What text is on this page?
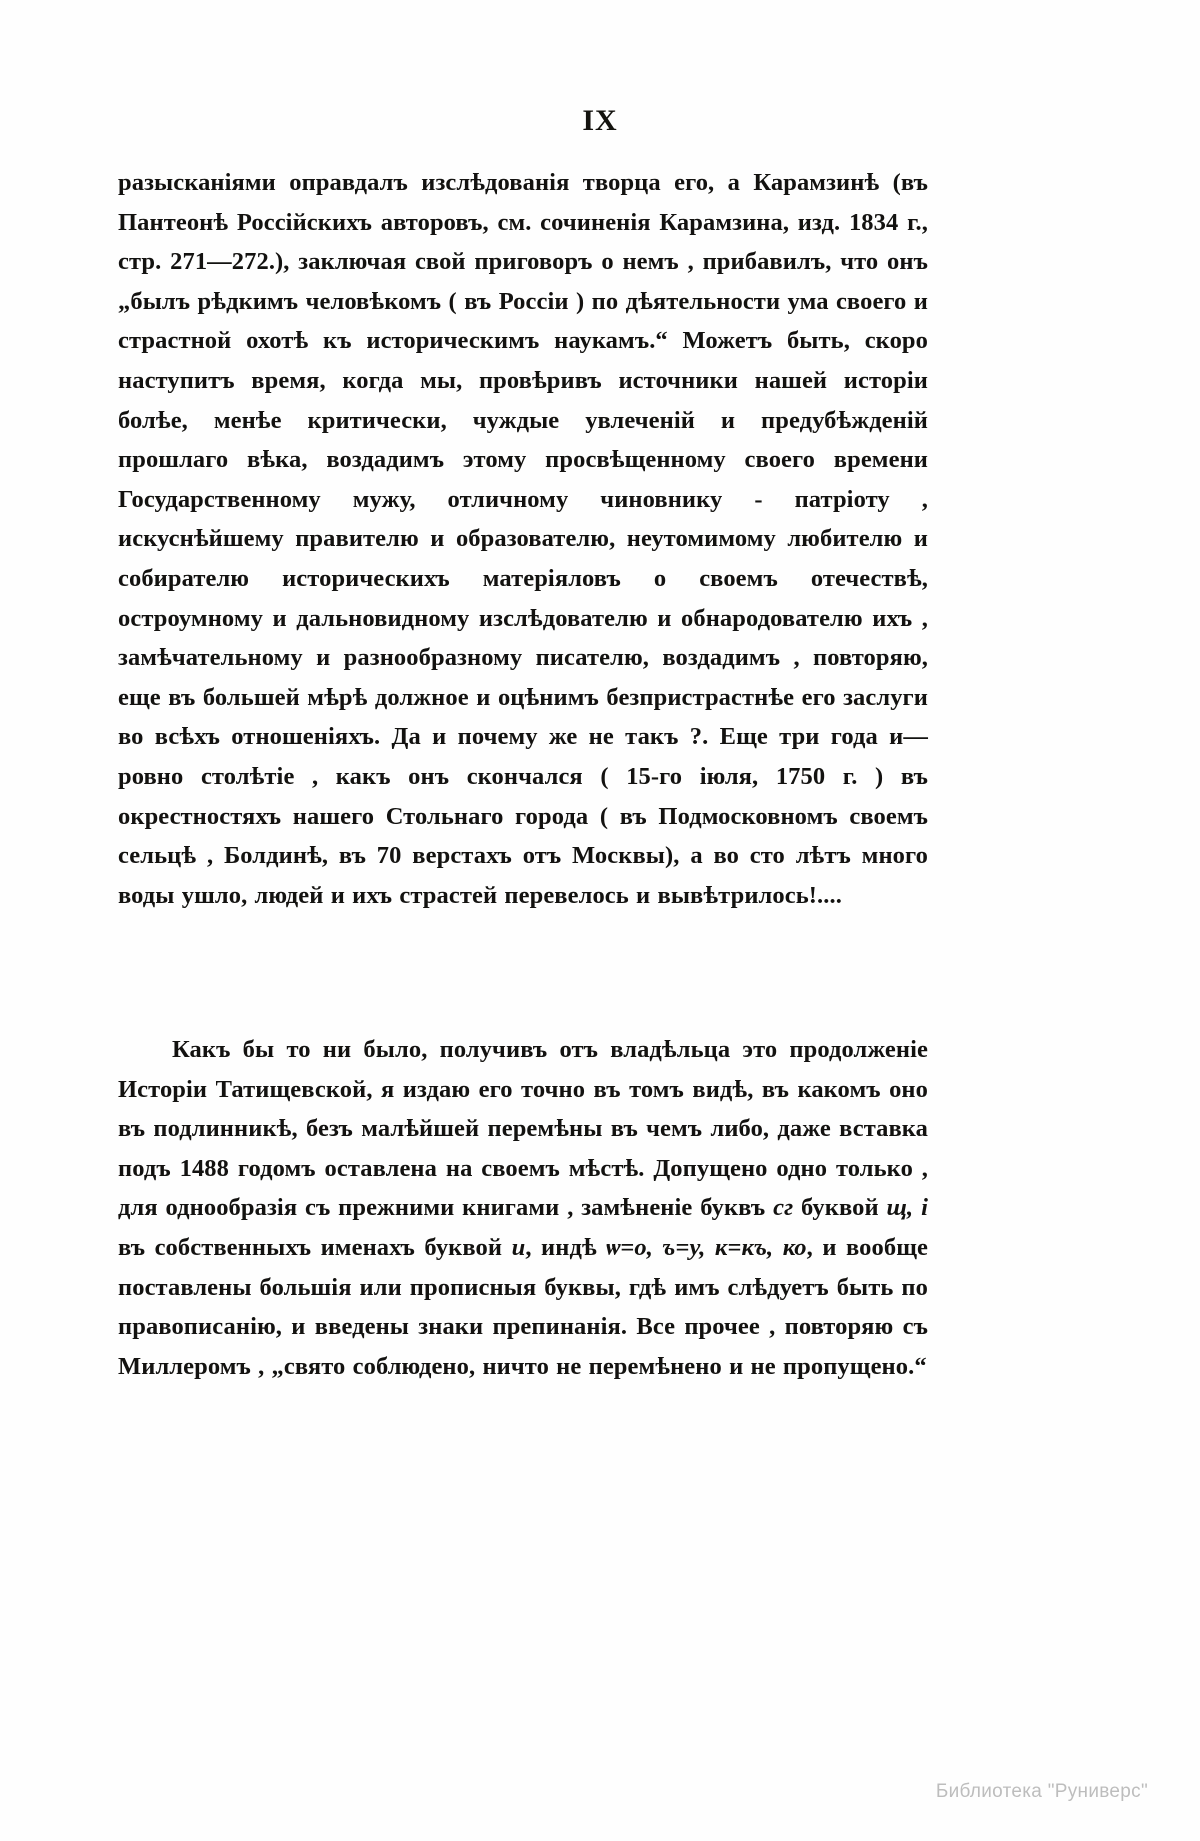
IX
разысканіями оправдалъ изслѣдованія творца его, а Карамзинѣ (въ Пантеонѣ Россійскихъ авторовъ, см. сочиненія Карамзина, изд. 1834 г., стр. 271—272.), заключая свой приговоръ о немъ , прибавилъ, что онъ „былъ рѣдкимъ человѣкомъ ( въ Россіи ) по дѣятельности ума своего и страстной охотѣ къ историческимъ наукамъ.“ Можетъ быть, скоро наступитъ время, когда мы, провѣривъ источники нашей исторіи болѣе, менѣе критически, чуждые увлеченій и предубѣжденій прошлаго вѣка, воздадимъ этому просвѣщенному своего времени Государственному мужу, отличному чиновнику - патріоту , искуснѣйшему правителю и образователю, неутомимому любителю и собирателю историческихъ матеріяловъ о своемъ отечествѣ, остроумному и дальновидному изслѣдователю и обнародователю ихъ , замѣчательному и разнообразному писателю, воздадимъ , повторяю, еще въ большей мѣрѣ должное и оцѣнимъ безпристрастнѣе его заслуги во всѣхъ отношеніяхъ. Да и почему же не такъ ?. Еще три года и—ровно столѣтіе , какъ онъ скончался ( 15-го іюля, 1750 г. ) въ окрестностяхъ нашего Стольнаго города ( въ Подмосковномъ своемъ сельцѣ , Болдинѣ, въ 70 верстахъ отъ Москвы), а во сто лѣтъ много воды ушло, людей и ихъ страстей перевелось и вывѣтрилось!....
Какъ бы то ни было, получивъ отъ владѣльца это продолженіе Исторіи Татищевской, я издаю его точно въ томъ видѣ, въ какомъ оно въ подлинникѣ, безъ малѣйшей перемѣны въ чемъ либо, даже вставка подъ 1488 годомъ оставлена на своемъ мѣстѣ. Допущено одно только , для однообразія съ прежними книгами , замѣненіе буквъ сг буквой щ, і въ собственныхъ именахъ буквой и, индѣ ѡ=о, ъ=у, к=къ, ко, и вообще поставлены большія или прописныя буквы, гдѣ имъ слѣдуетъ быть по правописанію, и введены знаки препинанія. Все прочее , повторяю съ Миллеромъ , „свято соблюдено, ничто не перемѣнено и не пропущено.“
Библиотека "Руниверс"
